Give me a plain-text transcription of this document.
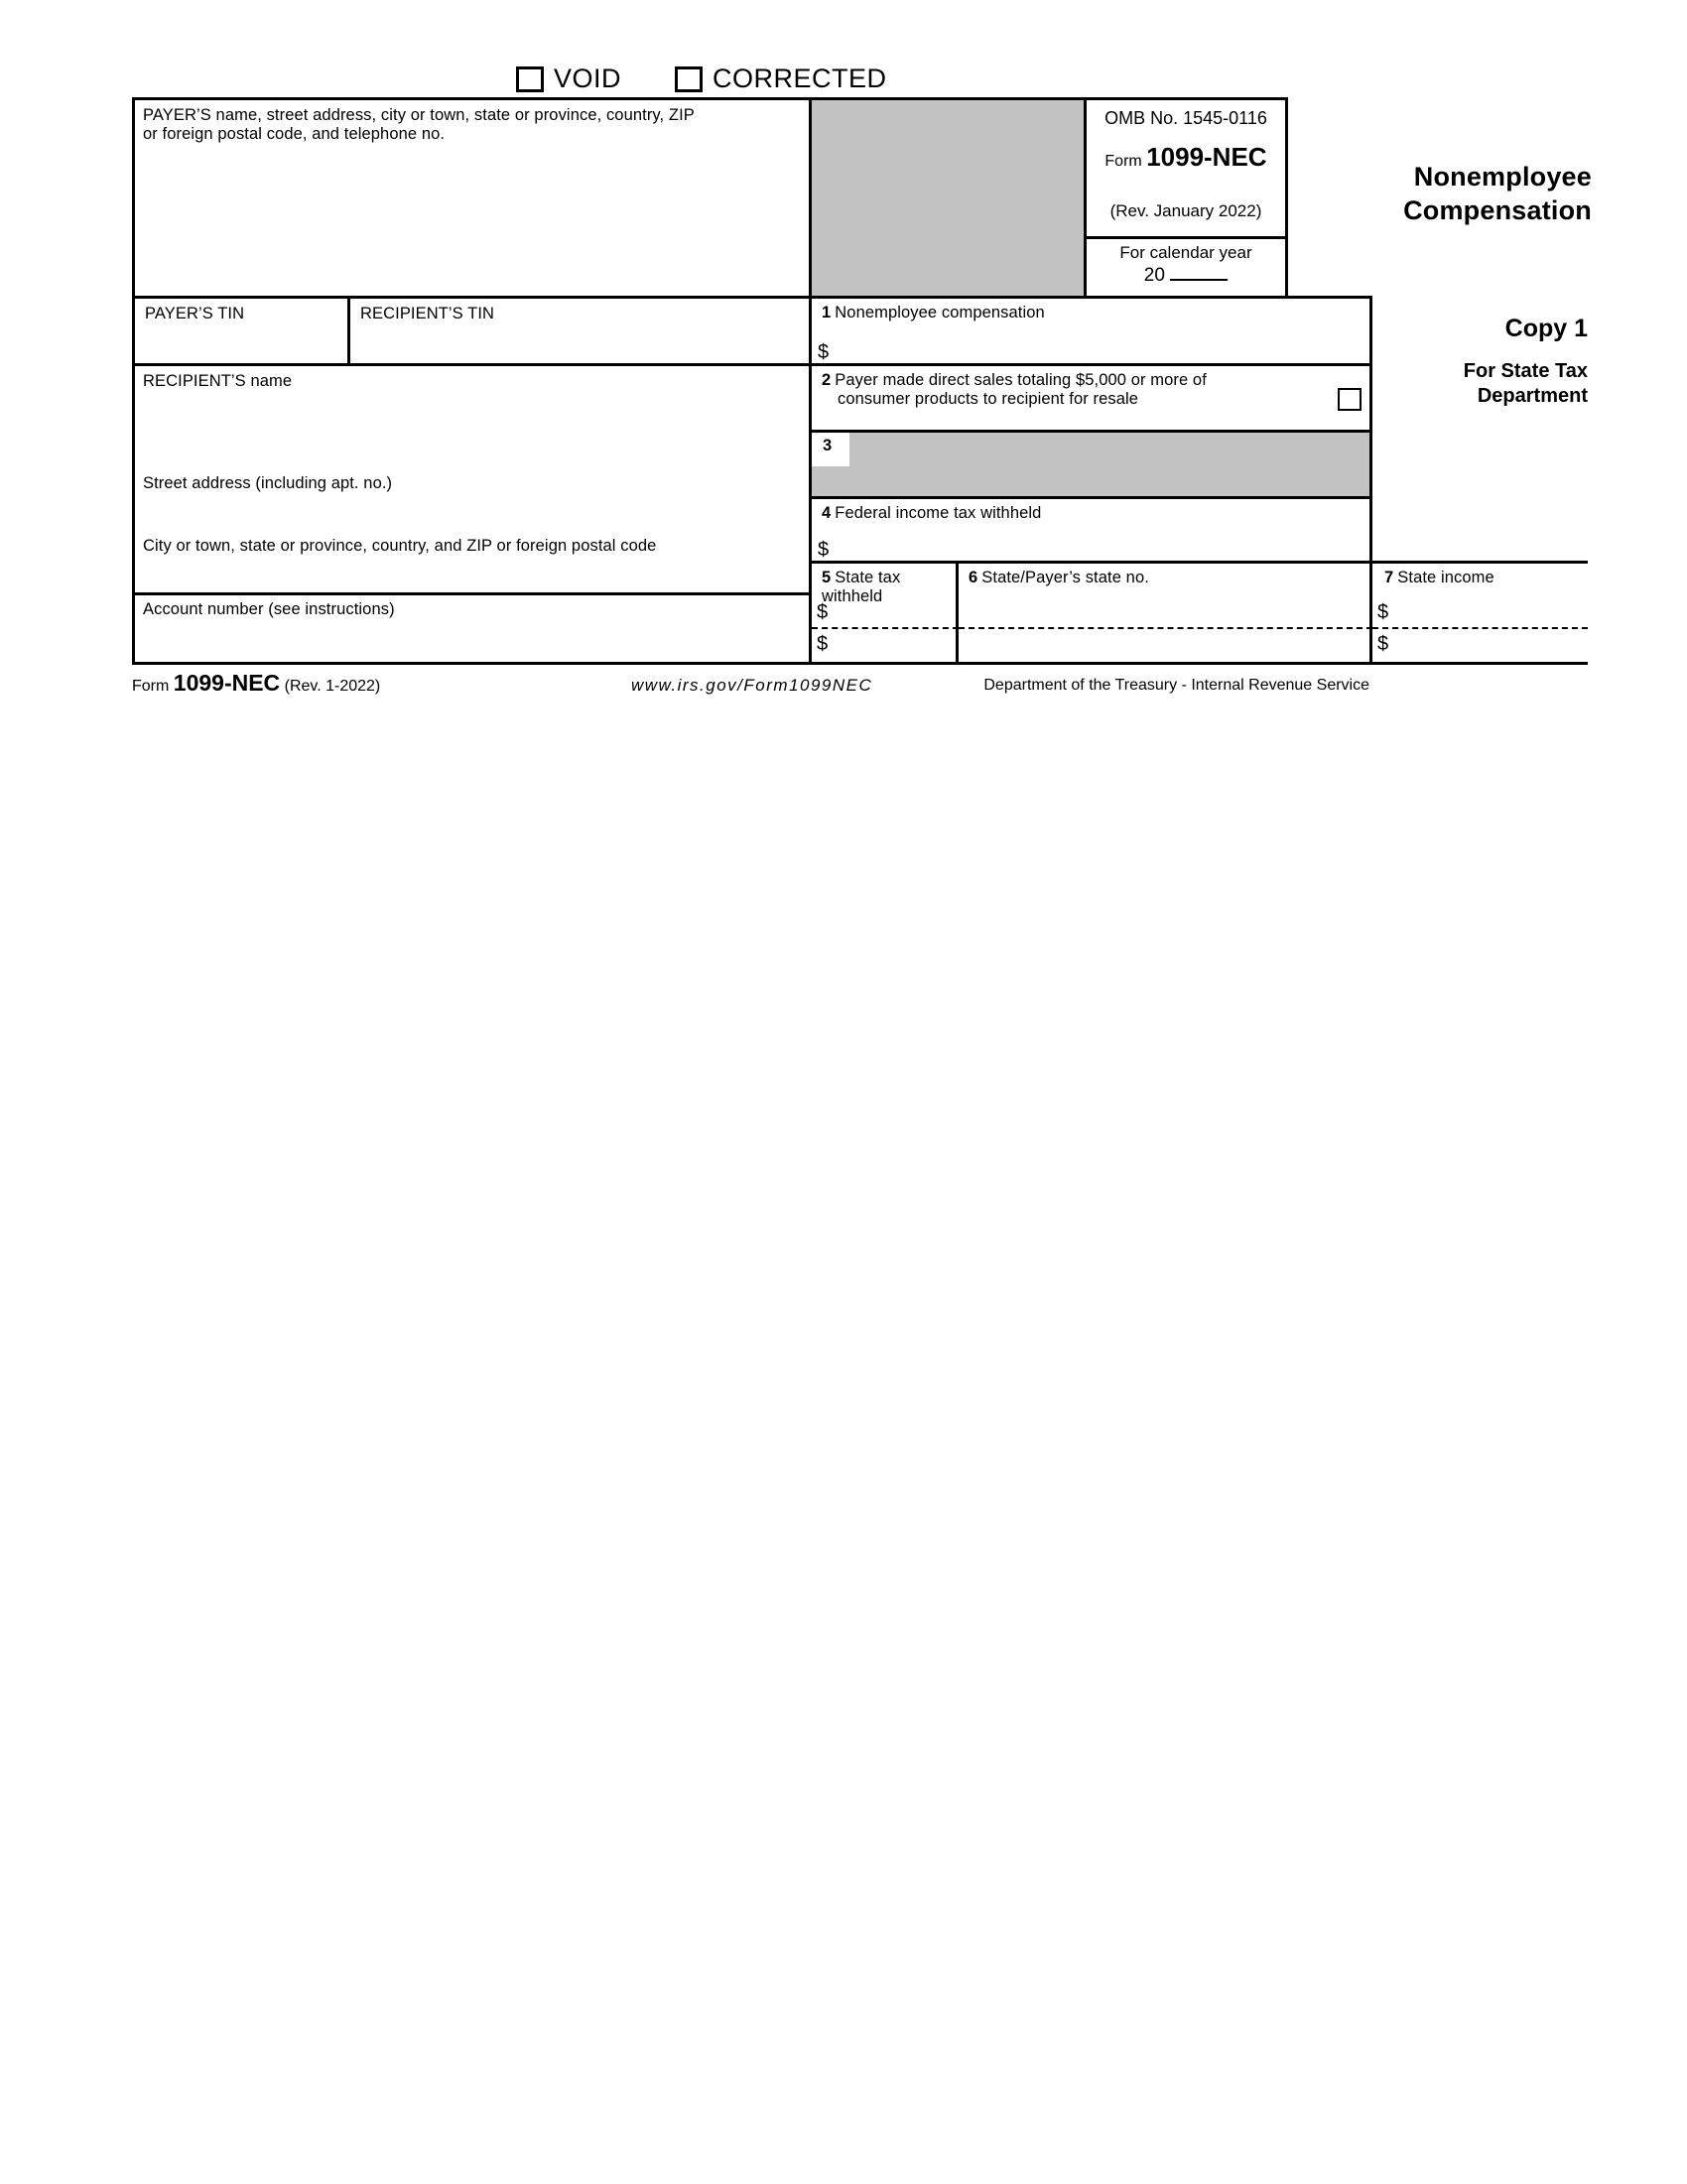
VOID	CORRECTED
PAYER’S name, street address, city or town, state or province, country, ZIP
or foreign postal code, and telephone no.
OMB No. 1545-0116
Form 1099-NEC
(Rev. January 2022)
For calendar year
20
Nonemployee
Compensation
PAYER’S TIN	RECIPIENT’S TIN	1 Nonemployee compensation
$
Copy 1
For State Tax
Department
RECIPIENT’S name
Street address (including apt. no.)
City or town, state or province, country, and ZIP or foreign postal code
2 Payer made direct sales totaling $5,000 or more of
consumer products to recipient for resale
3
4 Federal income tax withheld
$
5 State tax withheld
$
$
6 State/Payer’s state no.	7 State income
$
$
Account number (see instructions)
Form 1099-NEC (Rev. 1-2022)	www.irs.gov/Form1099NEC	Department of the Treasury - Internal Revenue Service
